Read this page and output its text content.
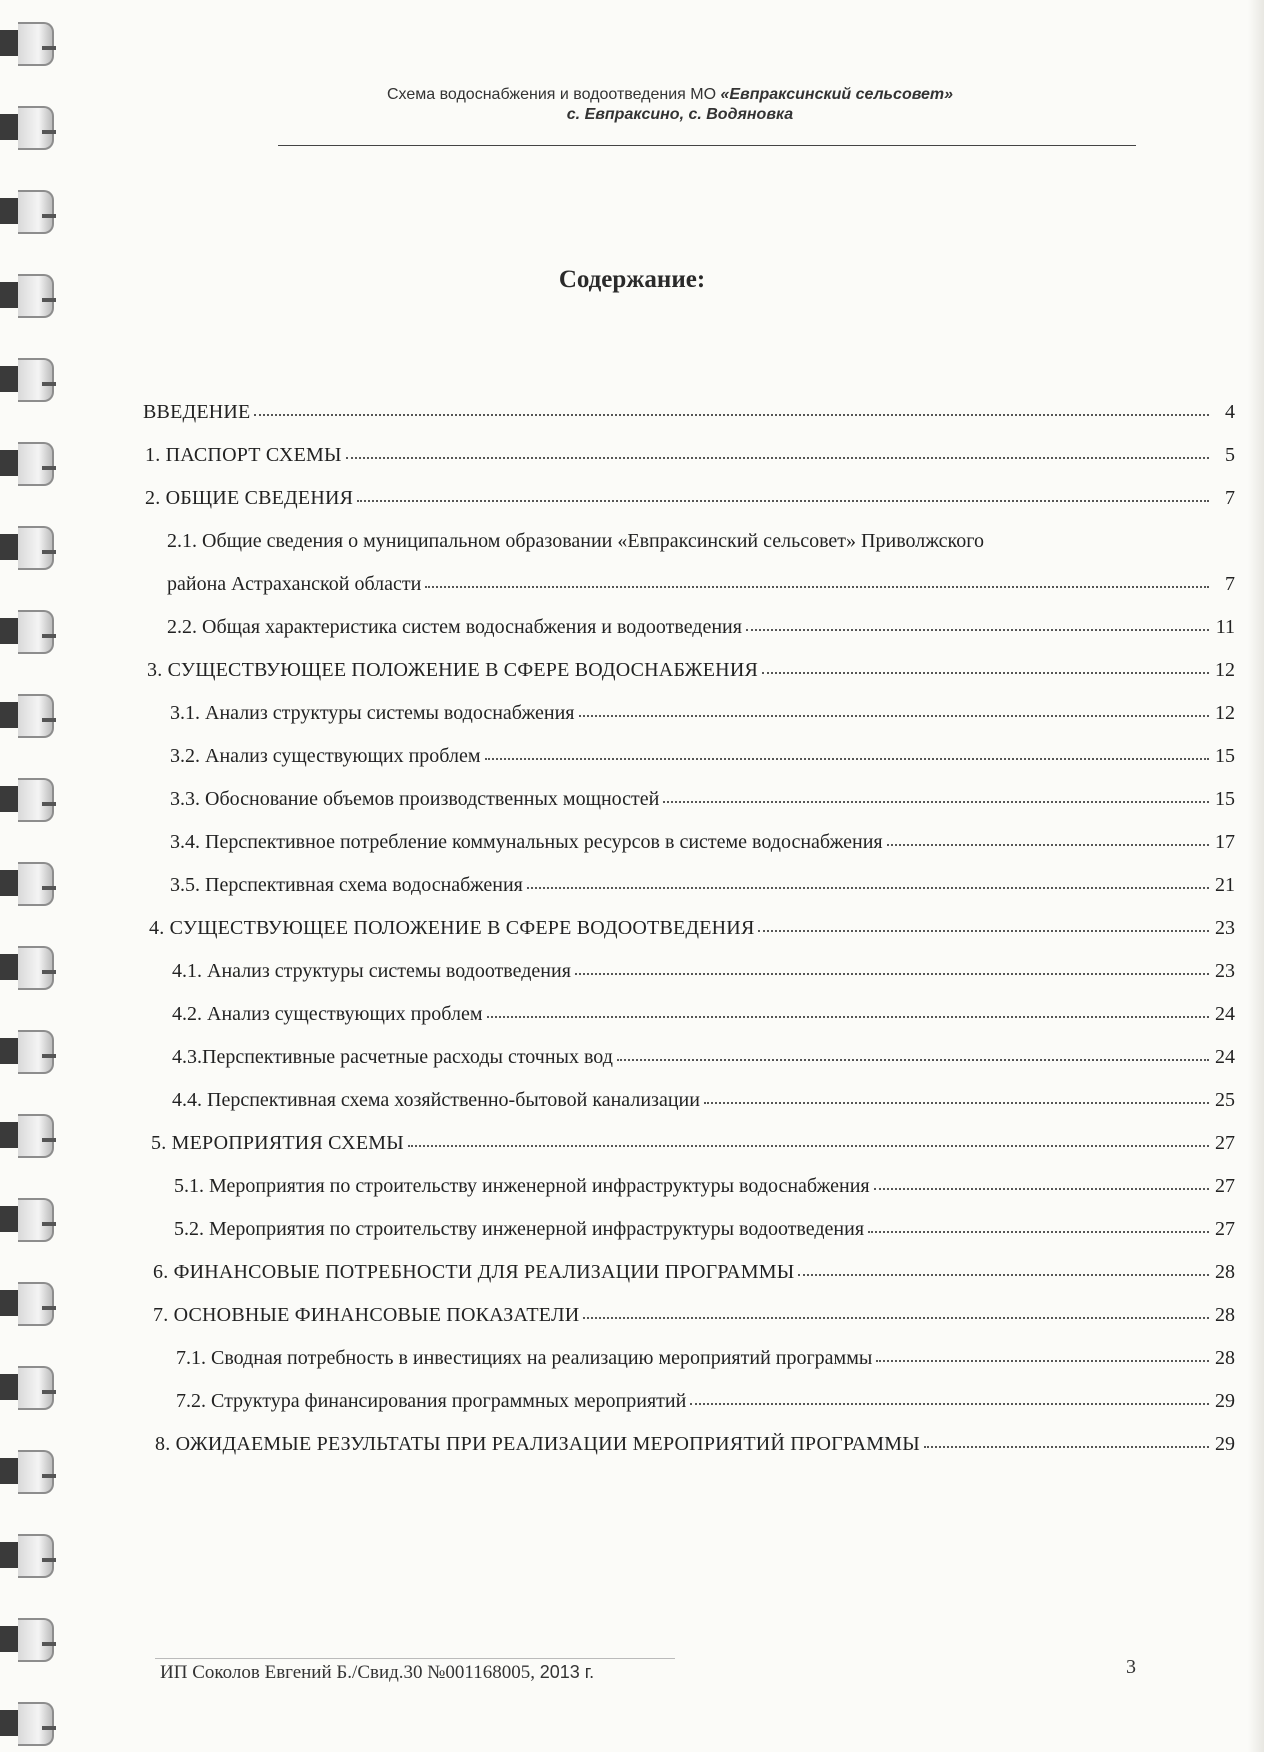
Схема водоснабжения и водоотведения МО «Евпраксинский сельсовет»
с. Евпраксино, с. Водяновка
Содержание:
ВВЕДЕНИЕ	4
1. ПАСПОРТ СХЕМЫ	5
2. ОБЩИЕ СВЕДЕНИЯ	7
2.1. Общие сведения о муниципальном образовании «Евпраксинский сельсовет» Приволжского
района Астраханской области	7
2.2. Общая характеристика систем водоснабжения и водоотведения	11
3. СУЩЕСТВУЮЩЕЕ ПОЛОЖЕНИЕ В СФЕРЕ ВОДОСНАБЖЕНИЯ	12
3.1. Анализ структуры системы водоснабжения	12
3.2. Анализ существующих проблем	15
3.3. Обоснование объемов производственных мощностей	15
3.4. Перспективное потребление коммунальных ресурсов в системе водоснабжения	17
3.5. Перспективная схема водоснабжения	21
4. СУЩЕСТВУЮЩЕЕ ПОЛОЖЕНИЕ В СФЕРЕ ВОДООТВЕДЕНИЯ	23
4.1. Анализ структуры системы водоотведения	23
4.2. Анализ существующих проблем	24
4.3.Перспективные расчетные расходы сточных вод	24
4.4. Перспективная схема хозяйственно-бытовой канализации	25
5. МЕРОПРИЯТИЯ СХЕМЫ	27
5.1. Мероприятия по строительству инженерной инфраструктуры водоснабжения	27
5.2. Мероприятия по строительству инженерной инфраструктуры водоотведения	27
6. ФИНАНСОВЫЕ ПОТРЕБНОСТИ ДЛЯ РЕАЛИЗАЦИИ ПРОГРАММЫ	28
7. ОСНОВНЫЕ ФИНАНСОВЫЕ ПОКАЗАТЕЛИ	28
7.1. Сводная потребность в инвестициях на реализацию мероприятий программы	28
7.2. Структура финансирования программных мероприятий	29
8. ОЖИДАЕМЫЕ РЕЗУЛЬТАТЫ ПРИ РЕАЛИЗАЦИИ МЕРОПРИЯТИЙ ПРОГРАММЫ	29
ИП Соколов Евгений Б./Свид.30 №001168005, 2013 г.	3
